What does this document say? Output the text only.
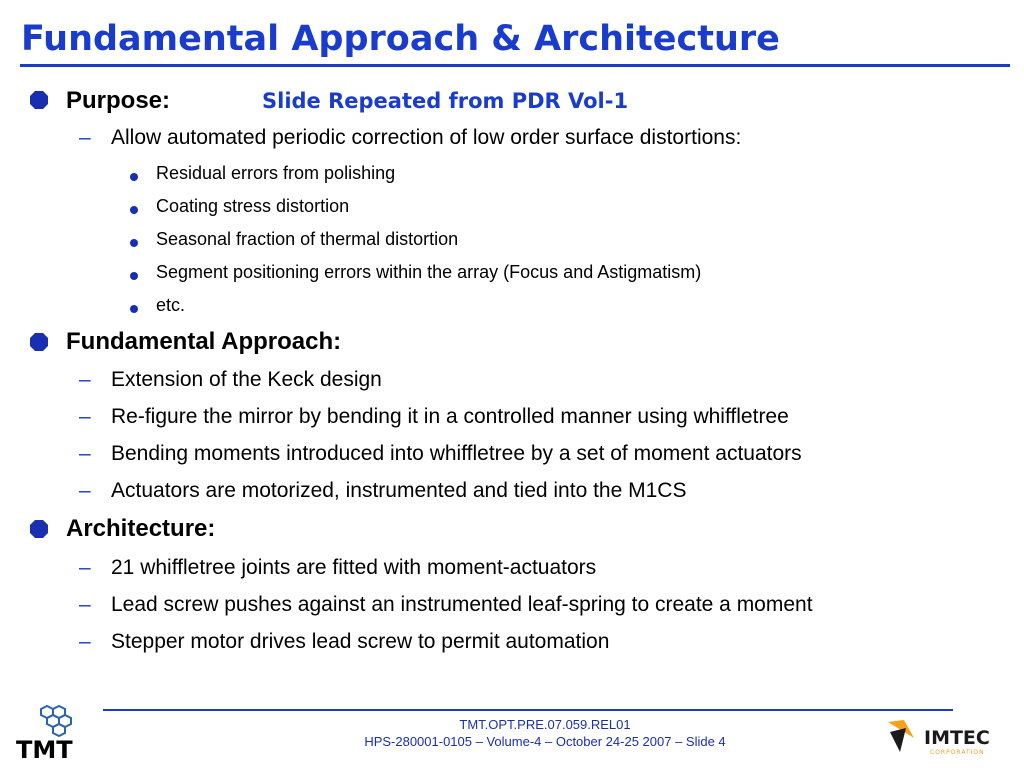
Fundamental Approach & Architecture
Purpose:	Slide Repeated from PDR Vol-1
– Allow automated periodic correction of low order surface distortions:
Residual errors from polishing
Coating stress distortion
Seasonal fraction of thermal distortion
Segment positioning errors within the array (Focus and Astigmatism)
etc.
Fundamental Approach:
– Extension of the Keck design
– Re-figure the mirror by bending it in a controlled manner using whiffletree
– Bending moments introduced into whiffletree by a set of moment actuators
– Actuators are motorized, instrumented and tied into the M1CS
Architecture:
– 21 whiffletree joints are fitted with moment-actuators
– Lead screw pushes against an instrumented leaf-spring to create a moment
– Stepper motor drives lead screw to permit automation
TMT
TMT.OPT.PRE.07.059.REL01
HPS-280001-0105 – Volume-4 – October 24-25 2007 – Slide 4	IMTEC
CORPORATION
